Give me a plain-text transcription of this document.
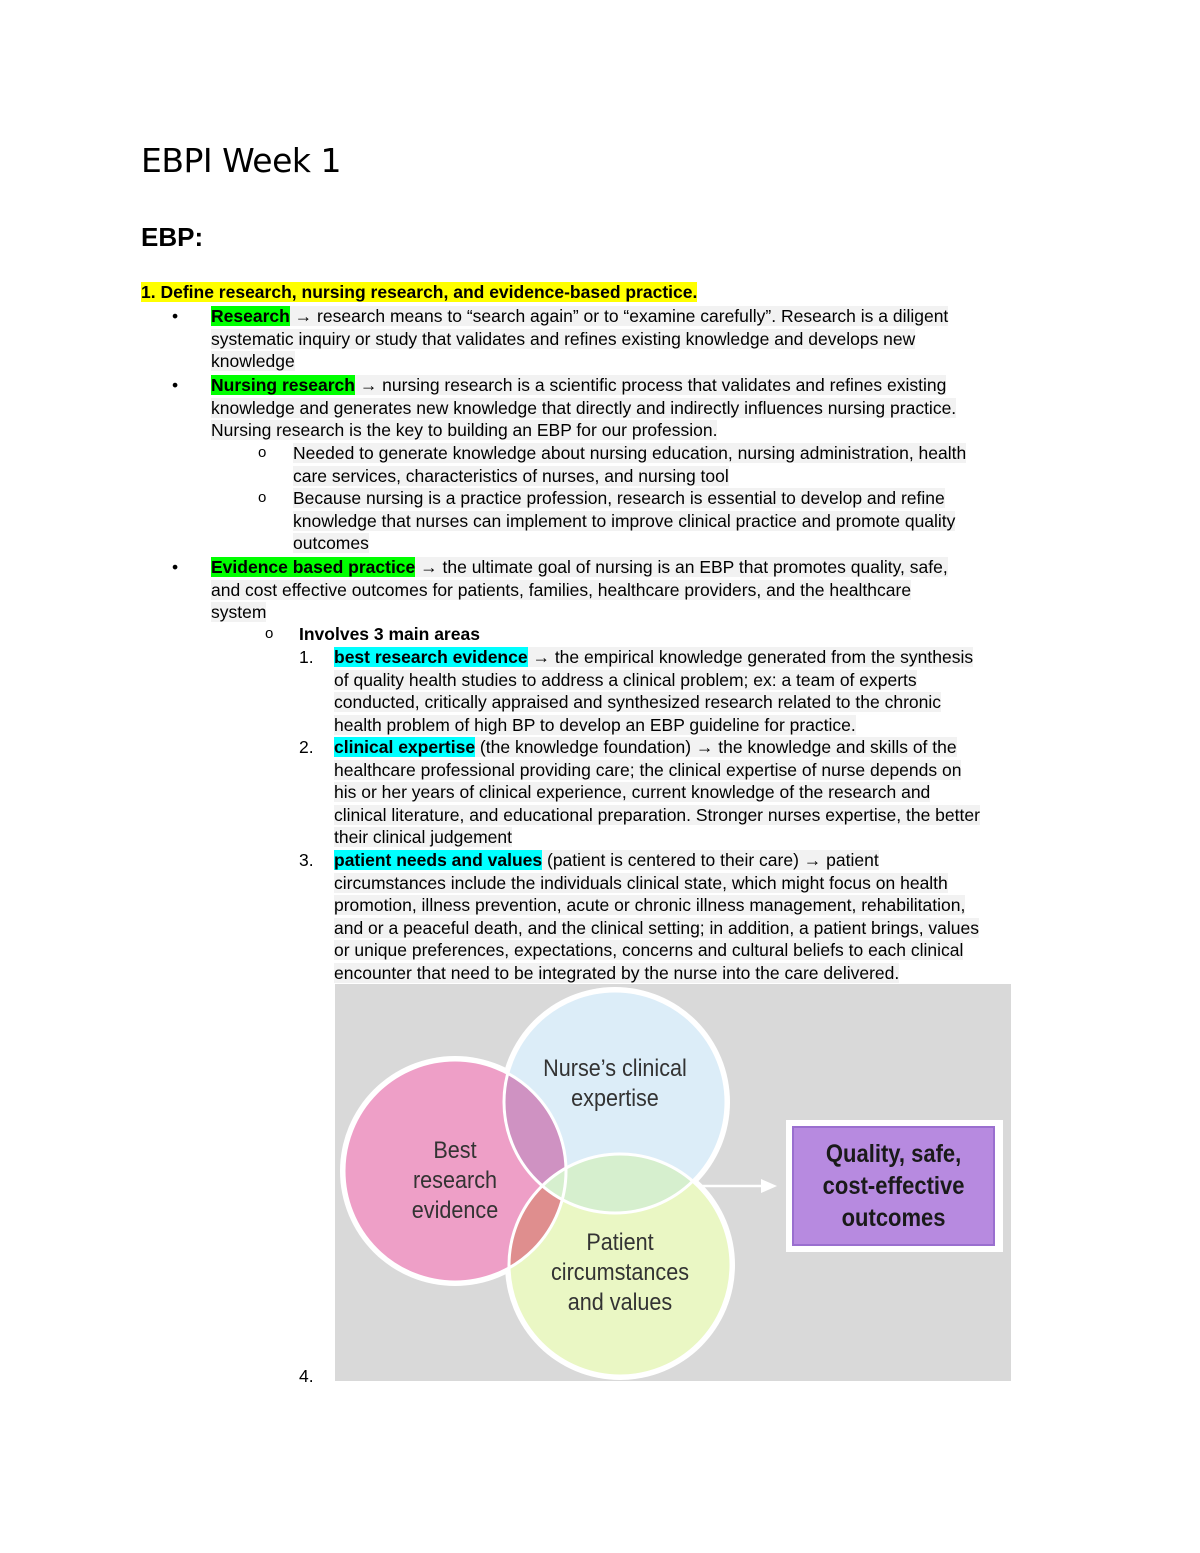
EBPI Week 1
EBP:
1. Define research, nursing research, and evidence-based practice.
• Research → research means to “search again” or to “examine carefully”. Research is a diligent
systematic inquiry or study that validates and refines existing knowledge and develops new
knowledge
• Nursing research → nursing research is a scientific process that validates and refines existing
knowledge and generates new knowledge that directly and indirectly influences nursing practice.
Nursing research is the key to building an EBP for our profession.
o Needed to generate knowledge about nursing education, nursing administration, health
care services, characteristics of nurses, and nursing tool
o Because nursing is a practice profession, research is essential to develop and refine
knowledge that nurses can implement to improve clinical practice and promote quality
outcomes
• Evidence based practice → the ultimate goal of nursing is an EBP that promotes quality, safe,
and cost effective outcomes for patients, families, healthcare providers, and the healthcare
system
o Involves 3 main areas
1. best research evidence → the empirical knowledge generated from the synthesis
of quality health studies to address a clinical problem; ex: a team of experts
conducted, critically appraised and synthesized research related to the chronic
health problem of high BP to develop an EBP guideline for practice.
2. clinical expertise (the knowledge foundation) → the knowledge and skills of the
healthcare professional providing care; the clinical expertise of nurse depends on
his or her years of clinical experience, current knowledge of the research and
clinical literature, and educational preparation. Stronger nurses expertise, the better
their clinical judgement
3. patient needs and values (patient is centered to their care) → patient
circumstances include the individuals clinical state, which might focus on health
promotion, illness prevention, acute or chronic illness management, rehabilitation,
and or a peaceful death, and the clinical setting; in addition, a patient brings, values
or unique preferences, expectations, concerns and cultural beliefs to each clinical
encounter that need to be integrated by the nurse into the care delivered.
4.
Nurse’s clinical
expertise
Best
research
evidence
Patient
circumstances
and values
Quality, safe,
cost-effective
outcomes
